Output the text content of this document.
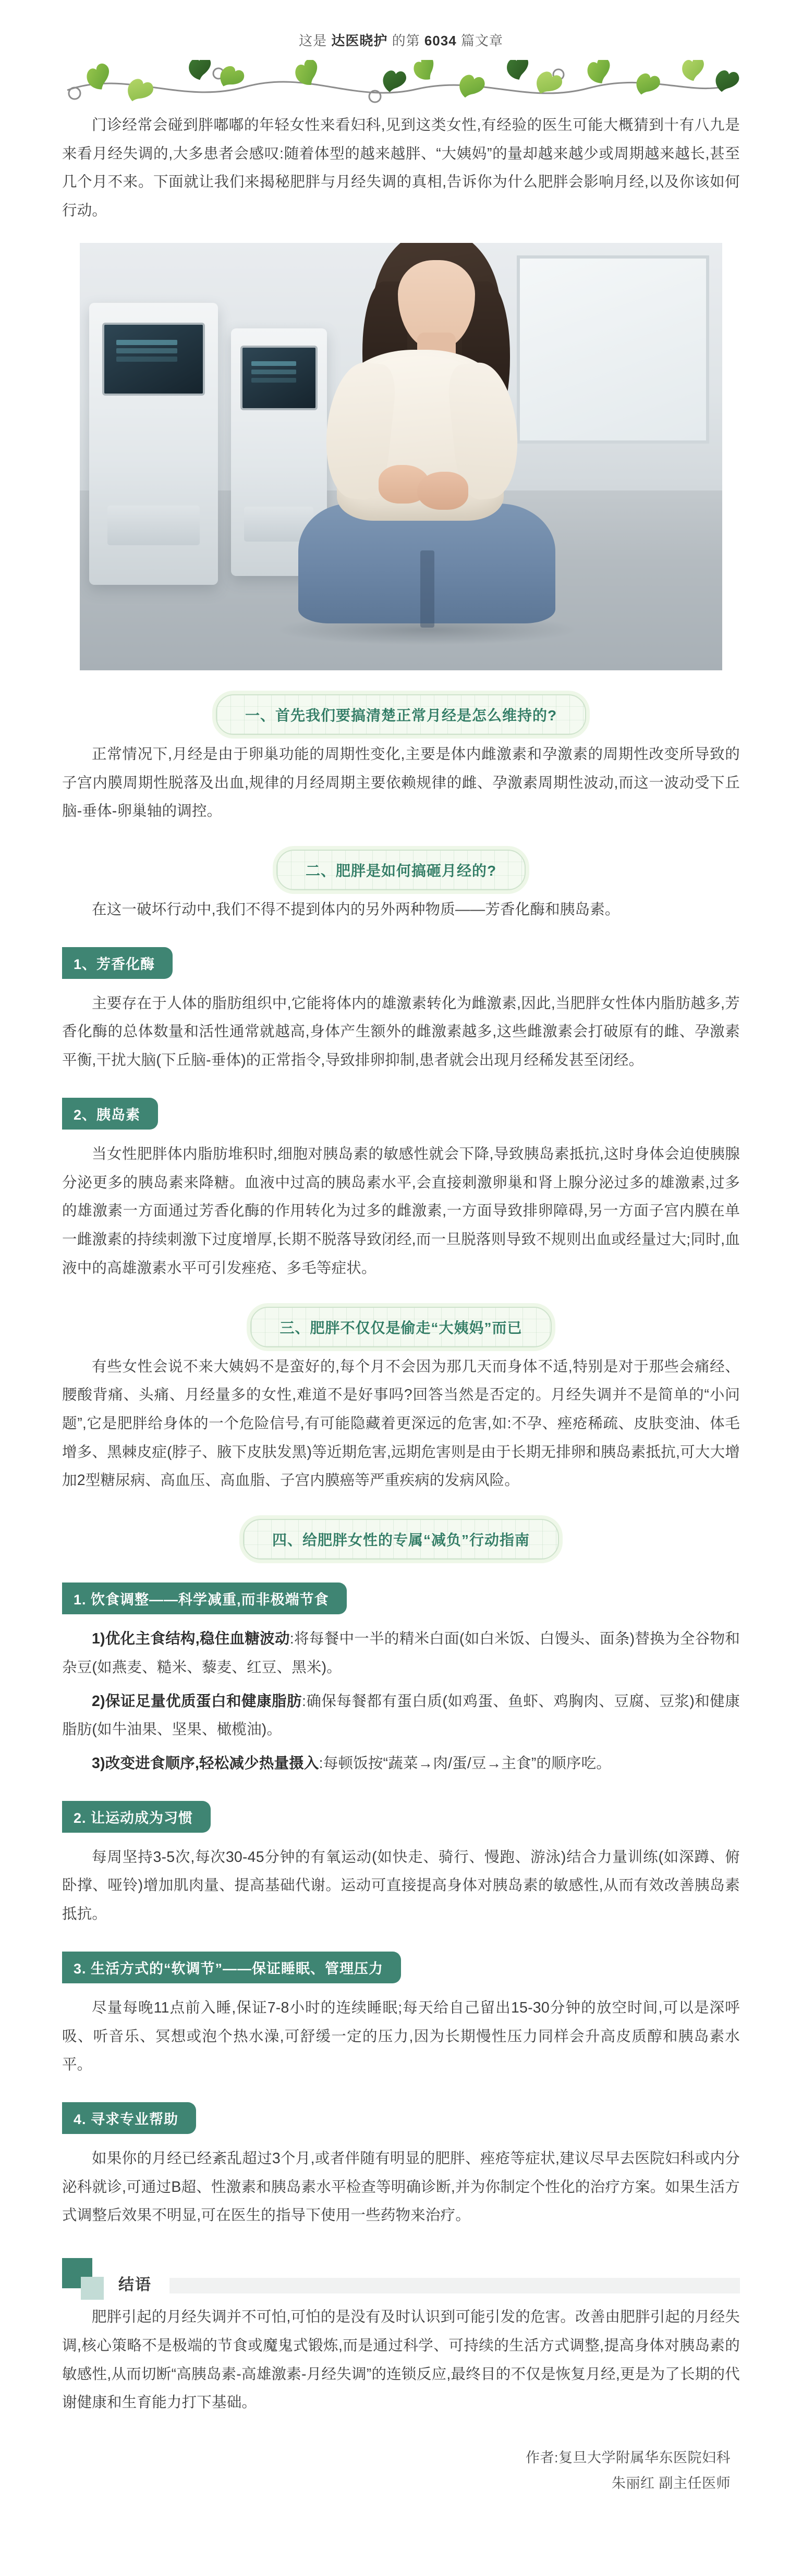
这是 达医晓护 的第 6034 篇文章

门诊经常会碰到胖嘟嘟的年轻女性来看妇科,见到这类女性,有经验的医生可能大概猜到十有八九是来看月经失调的,大多患者会感叹:随着体型的越来越胖、“大姨妈”的量却越来越少或周期越来越长,甚至几个月不来。下面就让我们来揭秘肥胖与月经失调的真相,告诉你为什么肥胖会影响月经,以及你该如何行动。

一、首先我们要搞清楚正常月经是怎么维持的?

正常情况下,月经是由于卵巢功能的周期性变化,主要是体内雌激素和孕激素的周期性改变所导致的子宫内膜周期性脱落及出血,规律的月经周期主要依赖规律的雌、孕激素周期性波动,而这一波动受下丘脑-垂体-卵巢轴的调控。

二、肥胖是如何搞砸月经的?

在这一破坏行动中,我们不得不提到体内的另外两种物质——芳香化酶和胰岛素。

1、芳香化酶

主要存在于人体的脂肪组织中,它能将体内的雄激素转化为雌激素,因此,当肥胖女性体内脂肪越多,芳香化酶的总体数量和活性通常就越高,身体产生额外的雌激素越多,这些雌激素会打破原有的雌、孕激素平衡,干扰大脑(下丘脑-垂体)的正常指令,导致排卵抑制,患者就会出现月经稀发甚至闭经。

2、胰岛素

当女性肥胖体内脂肪堆积时,细胞对胰岛素的敏感性就会下降,导致胰岛素抵抗,这时身体会迫使胰腺分泌更多的胰岛素来降糖。血液中过高的胰岛素水平,会直接刺激卵巢和肾上腺分泌过多的雄激素,过多的雄激素一方面通过芳香化酶的作用转化为过多的雌激素,一方面导致排卵障碍,另一方面子宫内膜在单一雌激素的持续刺激下过度增厚,长期不脱落导致闭经,而一旦脱落则导致不规则出血或经量过大;同时,血液中的高雄激素水平可引发痤疮、多毛等症状。

三、肥胖不仅仅是偷走“大姨妈”而已

有些女性会说不来大姨妈不是蛮好的,每个月不会因为那几天而身体不适,特别是对于那些会痛经、腰酸背痛、头痛、月经量多的女性,难道不是好事吗?回答当然是否定的。月经失调并不是简单的“小问题”,它是肥胖给身体的一个危险信号,有可能隐藏着更深远的危害,如:不孕、痤疮稀疏、皮肤变油、体毛增多、黑棘皮症(脖子、腋下皮肤发黑)等近期危害,远期危害则是由于长期无排卵和胰岛素抵抗,可大大增加2型糖尿病、高血压、高血脂、子宫内膜癌等严重疾病的发病风险。

四、给肥胖女性的专属“减负”行动指南
1. 饮食调整——科学减重,而非极端节食

1)优化主食结构,稳住血糖波动:将每餐中一半的精米白面(如白米饭、白馒头、面条)替换为全谷物和杂豆(如燕麦、糙米、藜麦、红豆、黑米)。

2)保证足量优质蛋白和健康脂肪:确保每餐都有蛋白质(如鸡蛋、鱼虾、鸡胸肉、豆腐、豆浆)和健康脂肪(如牛油果、坚果、橄榄油)。

3)改变进食顺序,轻松减少热量摄入:每顿饭按“蔬菜→肉/蛋/豆→主食”的顺序吃。

2. 让运动成为习惯

每周坚持3-5次,每次30-45分钟的有氧运动(如快走、骑行、慢跑、游泳)结合力量训练(如深蹲、俯卧撑、哑铃)增加肌肉量、提高基础代谢。运动可直接提高身体对胰岛素的敏感性,从而有效改善胰岛素抵抗。

3. 生活方式的“软调节”——保证睡眠、管理压力

尽量每晚11点前入睡,保证7-8小时的连续睡眠;每天给自己留出15-30分钟的放空时间,可以是深呼吸、听音乐、冥想或泡个热水澡,可舒缓一定的压力,因为长期慢性压力同样会升高皮质醇和胰岛素水平。

4. 寻求专业帮助

如果你的月经已经紊乱超过3个月,或者伴随有明显的肥胖、痤疮等症状,建议尽早去医院妇科或内分泌科就诊,可通过B超、性激素和胰岛素水平检查等明确诊断,并为你制定个性化的治疗方案。如果生活方式调整后效果不明显,可在医生的指导下使用一些药物来治疗。

结语

肥胖引起的月经失调并不可怕,可怕的是没有及时认识到可能引发的危害。改善由肥胖引起的月经失调,核心策略不是极端的节食或魔鬼式锻炼,而是通过科学、可持续的生活方式调整,提高身体对胰岛素的敏感性,从而切断“高胰岛素-高雄激素-月经失调”的连锁反应,最终目的不仅是恢复月经,更是为了长期的代谢健康和生育能力打下基础。

作者:复旦大学附属华东医院妇科
朱丽红 副主任医师
